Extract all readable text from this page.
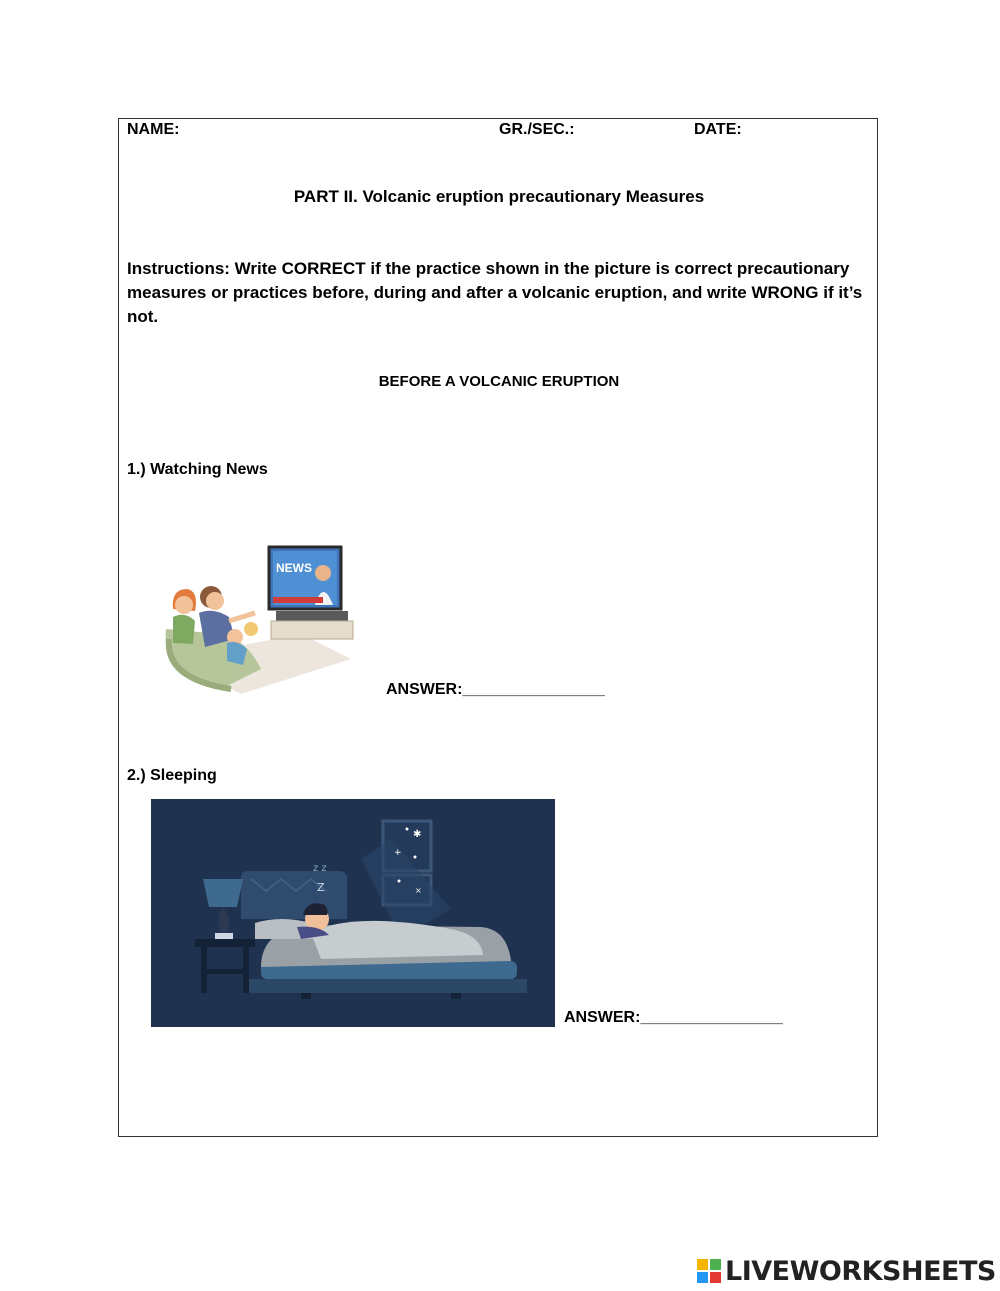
NAME:	GR./SEC.:	DATE:
PART II. Volcanic eruption precautionary Measures
Instructions: Write CORRECT if the practice shown in the picture is correct precautionary measures or practices before, during and after a volcanic eruption, and write WRONG if it’s not.
BEFORE A VOLCANIC ERUPTION
1.) Watching News
NEWS
ANSWER:________________
2.) Sleeping
✱
+
×
z z
Z
ANSWER:________________
LIVEWORKSHEETS
